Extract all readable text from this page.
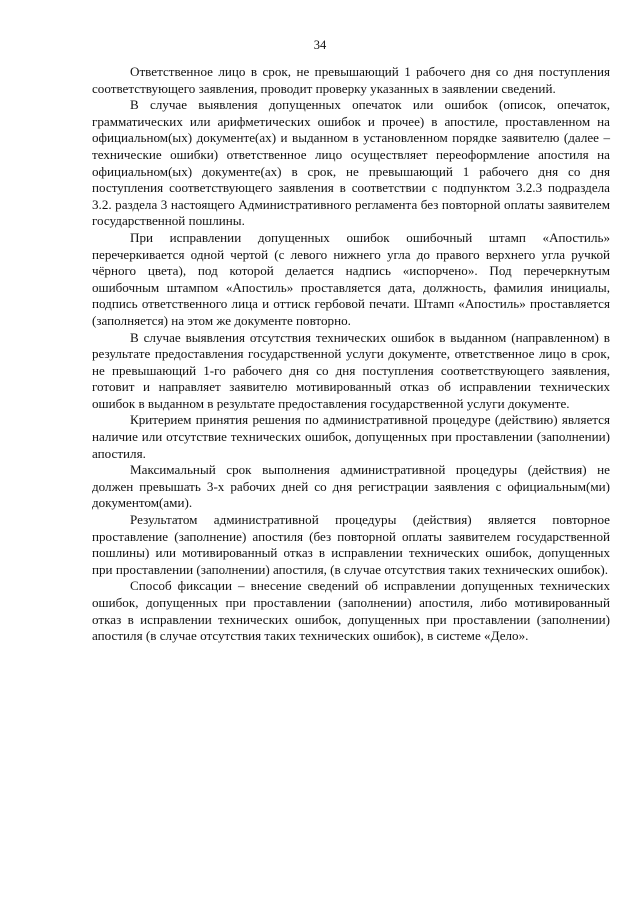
34

Ответственное лицо в срок, не превышающий 1 рабочего дня со дня поступления соответствующего заявления, проводит проверку указанных в заявлении сведений.

В случае выявления допущенных опечаток или ошибок (описок, опечаток, грамматических или арифметических ошибок и прочее) в апостиле, проставленном на официальном(ых) документе(ах) и выданном в установленном порядке заявителю (далее – технические ошибки) ответственное лицо осуществляет переоформление апостиля на официальном(ых) документе(ах) в срок, не превышающий 1 рабочего дня со дня поступления соответствующего заявления в соответствии с подпунктом 3.2.3 подраздела 3.2. раздела 3 настоящего Административного регламента без повторной оплаты заявителем государственной пошлины.

При исправлении допущенных ошибок ошибочный штамп «Апостиль» перечеркивается одной чертой (с левого нижнего угла до правого верхнего угла ручкой чёрного цвета), под которой делается надпись «испорчено». Под перечеркнутым ошибочным штампом «Апостиль» проставляется дата, должность, фамилия инициалы, подпись ответственного лица и оттиск гербовой печати. Штамп «Апостиль» проставляется (заполняется) на этом же документе повторно.

В случае выявления отсутствия технических ошибок в выданном (направленном) в результате предоставления государственной услуги документе, ответственное лицо в срок, не превышающий 1-го рабочего дня со дня поступления соответствующего заявления, готовит и направляет заявителю мотивированный отказ об исправлении технических ошибок в выданном в результате предоставления государственной услуги документе.

Критерием принятия решения по административной процедуре (действию) является наличие или отсутствие технических ошибок, допущенных при проставлении (заполнении) апостиля.

Максимальный срок выполнения административной процедуры (действия) не должен превышать 3-х рабочих дней со дня регистрации заявления с официальным(ми) документом(ами).

Результатом административной процедуры (действия) является повторное проставление (заполнение) апостиля (без повторной оплаты заявителем государственной пошлины) или мотивированный отказ в исправлении технических ошибок, допущенных при проставлении (заполнении) апостиля, (в случае отсутствия таких технических ошибок).

Способ фиксации – внесение сведений об исправлении допущенных технических ошибок, допущенных при проставлении (заполнении) апостиля, либо мотивированный отказ в исправлении технических ошибок, допущенных при проставлении (заполнении) апостиля (в случае отсутствия таких технических ошибок), в системе «Дело».
